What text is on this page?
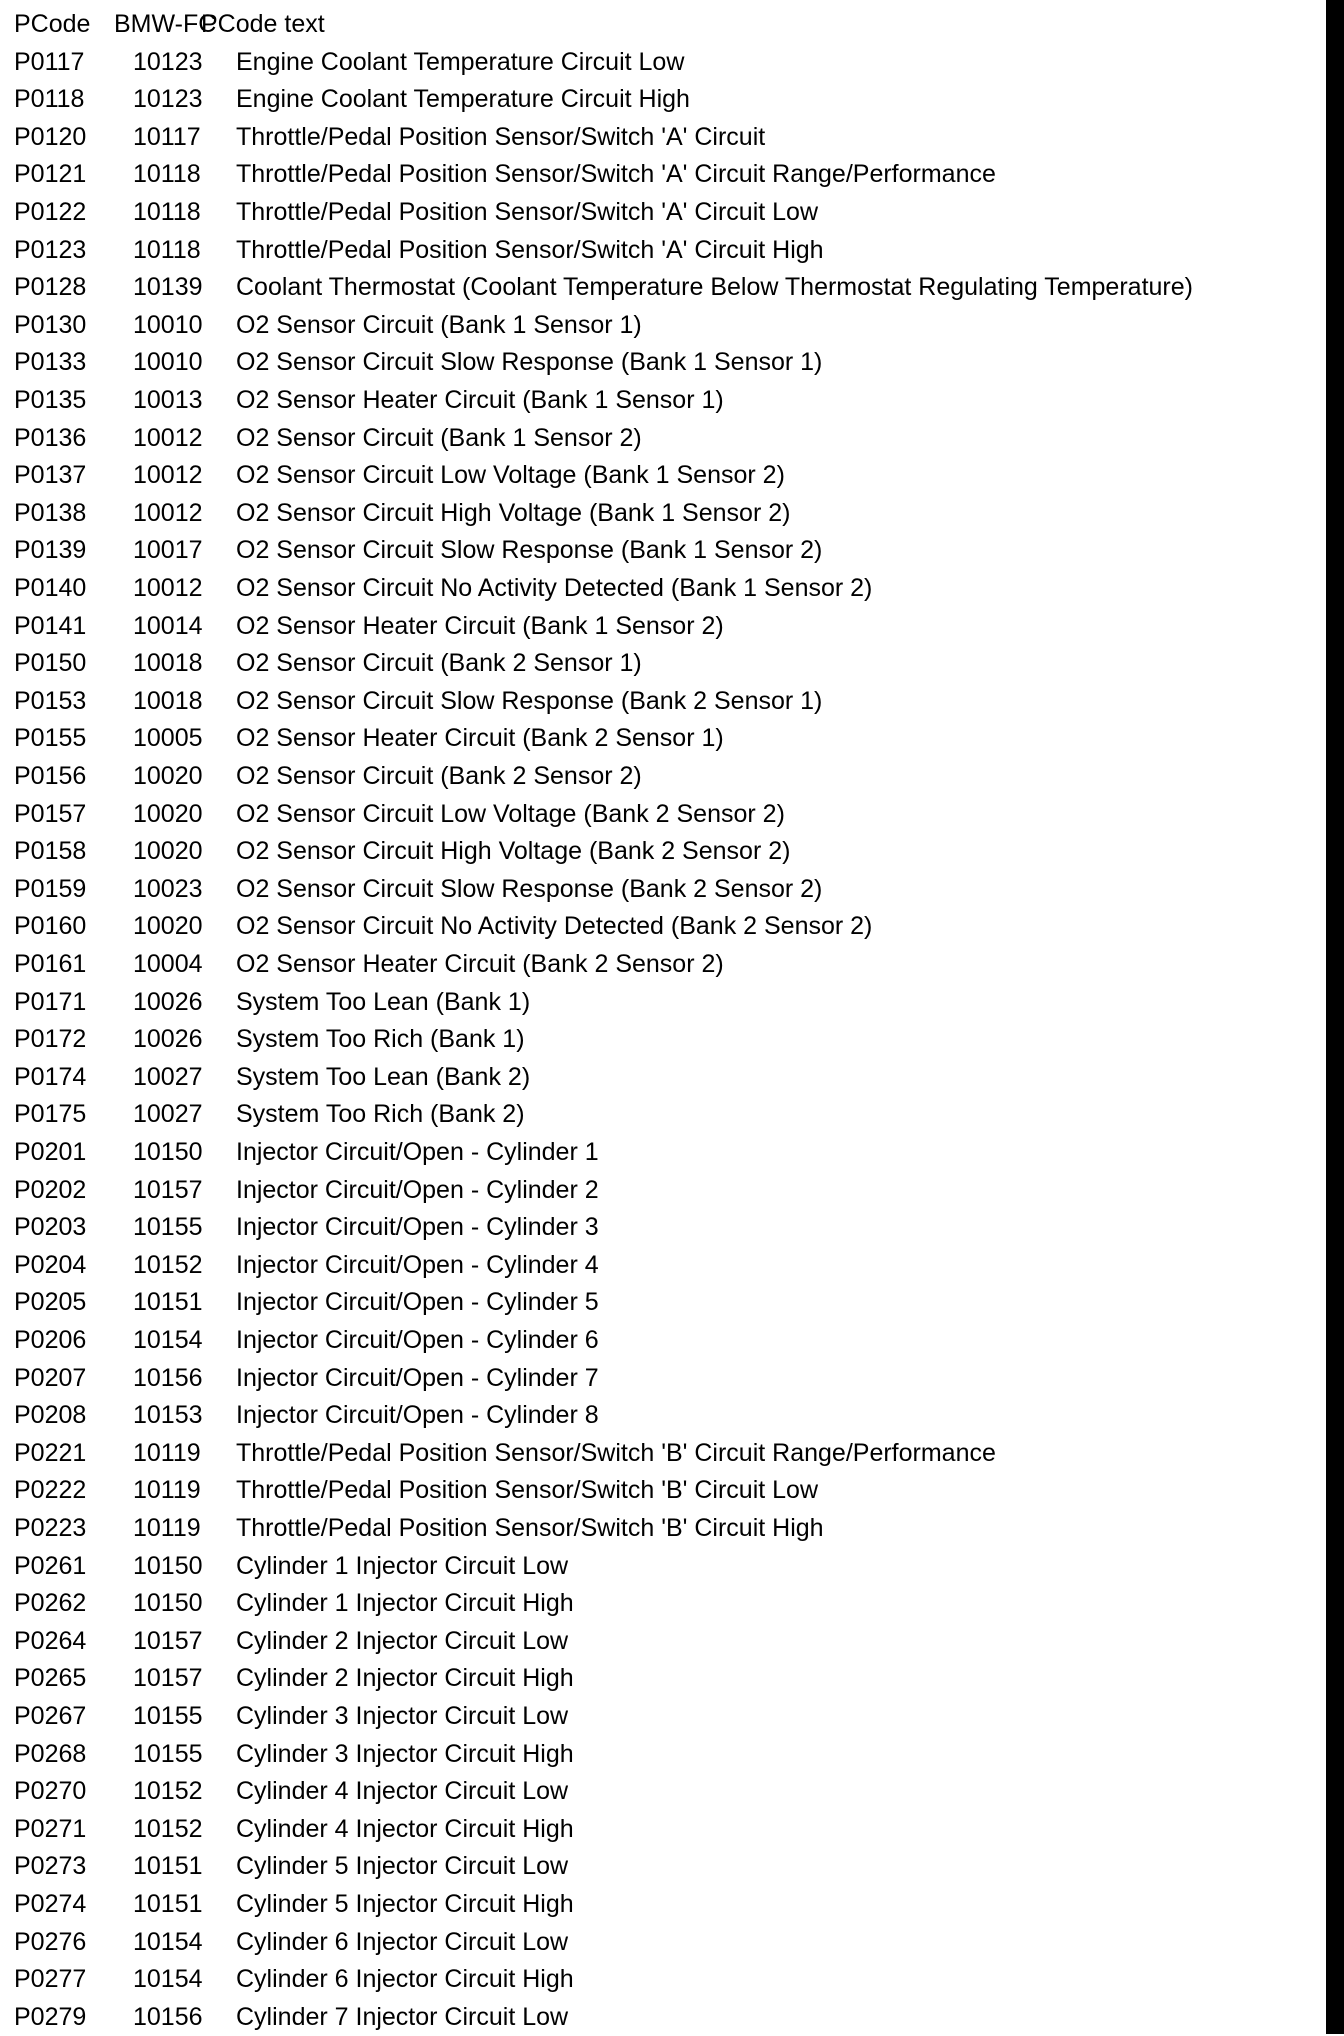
PCode BMW-FC
PCode text
P0117 10123 Engine Coolant Temperature Circuit Low
P0118 10123 Engine Coolant Temperature Circuit High
P0120 10117 Throttle/Pedal Position Sensor/Switch 'A' Circuit
P0121 10118 Throttle/Pedal Position Sensor/Switch 'A' Circuit Range/Performance
P0122 10118 Throttle/Pedal Position Sensor/Switch 'A' Circuit Low
P0123 10118 Throttle/Pedal Position Sensor/Switch 'A' Circuit High
P0128 10139 Coolant Thermostat (Coolant Temperature Below Thermostat Regulating Temperature)
P0130 10010 O2 Sensor Circuit (Bank 1 Sensor 1)
P0133 10010 O2 Sensor Circuit Slow Response (Bank 1 Sensor 1)
P0135 10013 O2 Sensor Heater Circuit (Bank 1 Sensor 1)
P0136 10012 O2 Sensor Circuit (Bank 1 Sensor 2)
P0137 10012 O2 Sensor Circuit Low Voltage (Bank 1 Sensor 2)
P0138 10012 O2 Sensor Circuit High Voltage (Bank 1 Sensor 2)
P0139 10017 O2 Sensor Circuit Slow Response (Bank 1 Sensor 2)
P0140 10012 O2 Sensor Circuit No Activity Detected (Bank 1 Sensor 2)
P0141 10014 O2 Sensor Heater Circuit (Bank 1 Sensor 2)
P0150 10018 O2 Sensor Circuit (Bank 2 Sensor 1)
P0153 10018 O2 Sensor Circuit Slow Response (Bank 2 Sensor 1)
P0155 10005 O2 Sensor Heater Circuit (Bank 2 Sensor 1)
P0156 10020 O2 Sensor Circuit (Bank 2 Sensor 2)
P0157 10020 O2 Sensor Circuit Low Voltage (Bank 2 Sensor 2)
P0158 10020 O2 Sensor Circuit High Voltage (Bank 2 Sensor 2)
P0159 10023 O2 Sensor Circuit Slow Response (Bank 2 Sensor 2)
P0160 10020 O2 Sensor Circuit No Activity Detected (Bank 2 Sensor 2)
P0161 10004 O2 Sensor Heater Circuit (Bank 2 Sensor 2)
P0171 10026 System Too Lean (Bank 1)
P0172 10026 System Too Rich (Bank 1)
P0174 10027 System Too Lean (Bank 2)
P0175 10027 System Too Rich (Bank 2)
P0201 10150 Injector Circuit/Open - Cylinder 1
P0202 10157 Injector Circuit/Open - Cylinder 2
P0203 10155 Injector Circuit/Open - Cylinder 3
P0204 10152 Injector Circuit/Open - Cylinder 4
P0205 10151 Injector Circuit/Open - Cylinder 5
P0206 10154 Injector Circuit/Open - Cylinder 6
P0207 10156 Injector Circuit/Open - Cylinder 7
P0208 10153 Injector Circuit/Open - Cylinder 8
P0221 10119 Throttle/Pedal Position Sensor/Switch 'B' Circuit Range/Performance
P0222 10119 Throttle/Pedal Position Sensor/Switch 'B' Circuit Low
P0223 10119 Throttle/Pedal Position Sensor/Switch 'B' Circuit High
P0261 10150 Cylinder 1 Injector Circuit Low
P0262 10150 Cylinder 1 Injector Circuit High
P0264 10157 Cylinder 2 Injector Circuit Low
P0265 10157 Cylinder 2 Injector Circuit High
P0267 10155 Cylinder 3 Injector Circuit Low
P0268 10155 Cylinder 3 Injector Circuit High
P0270 10152 Cylinder 4 Injector Circuit Low
P0271 10152 Cylinder 4 Injector Circuit High
P0273 10151 Cylinder 5 Injector Circuit Low
P0274 10151 Cylinder 5 Injector Circuit High
P0276 10154 Cylinder 6 Injector Circuit Low
P0277 10154 Cylinder 6 Injector Circuit High
P0279 10156 Cylinder 7 Injector Circuit Low
